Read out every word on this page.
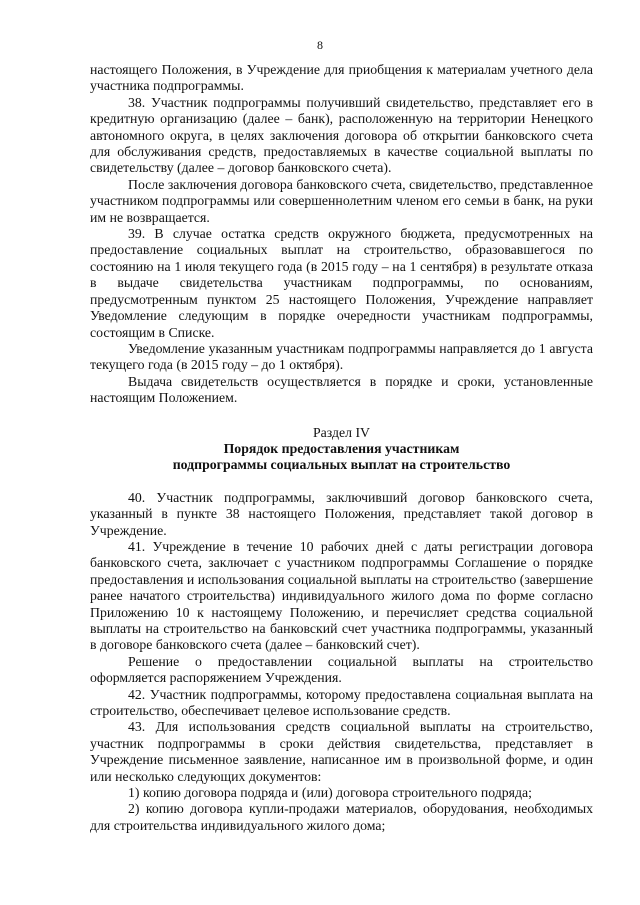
8

настоящего Положения, в Учреждение для приобщения к материалам учетного дела участника подпрограммы.

38. Участник подпрограммы получивший свидетельство, представляет его в кредитную организацию (далее – банк), расположенную на территории Ненецкого автономного округа, в целях заключения договора об открытии банковского счета для обслуживания средств, предоставляемых в качестве социальной выплаты по свидетельству (далее – договор банковского счета).

После заключения договора банковского счета, свидетельство, представленное участником подпрограммы или совершеннолетним членом его семьи в банк, на руки им не возвращается.

39. В случае остатка средств окружного бюджета, предусмотренных на предоставление социальных выплат на строительство, образовавшегося по состоянию на 1 июля текущего года (в 2015 году – на 1 сентября) в результате отказа в выдаче свидетельства участникам подпрограммы, по основаниям, предусмотренным пунктом 25 настоящего Положения, Учреждение направляет Уведомление следующим в порядке очередности участникам подпрограммы, состоящим в Списке.

Уведомление указанным участникам подпрограммы направляется до 1 августа текущего года (в 2015 году – до 1 октября).

Выдача свидетельств осуществляется в порядке и сроки, установленные настоящим Положением.

Раздел IV

Порядок предоставления участникам

подпрограммы социальных выплат на строительство

40. Участник подпрограммы, заключивший договор банковского счета, указанный в пункте 38 настоящего Положения, представляет такой договор в Учреждение.

41. Учреждение в течение 10 рабочих дней с даты регистрации договора банковского счета, заключает с участником подпрограммы Соглашение о порядке предоставления и использования социальной выплаты на строительство (завершение ранее начатого строительства) индивидуального жилого дома по форме согласно Приложению 10 к настоящему Положению, и перечисляет средства социальной выплаты на строительство на банковский счет участника подпрограммы, указанный в договоре банковского счета (далее – банковский счет).

Решение о предоставлении социальной выплаты на строительство оформляется распоряжением Учреждения.

42. Участник подпрограммы, которому предоставлена социальная выплата на строительство, обеспечивает целевое использование средств.

43. Для использования средств социальной выплаты на строительство, участник подпрограммы в сроки действия свидетельства, представляет в Учреждение письменное заявление, написанное им в произвольной форме, и один или несколько следующих документов:

1) копию договора подряда и (или) договора строительного подряда;

2) копию договора купли-продажи материалов, оборудования, необходимых для строительства индивидуального жилого дома;
